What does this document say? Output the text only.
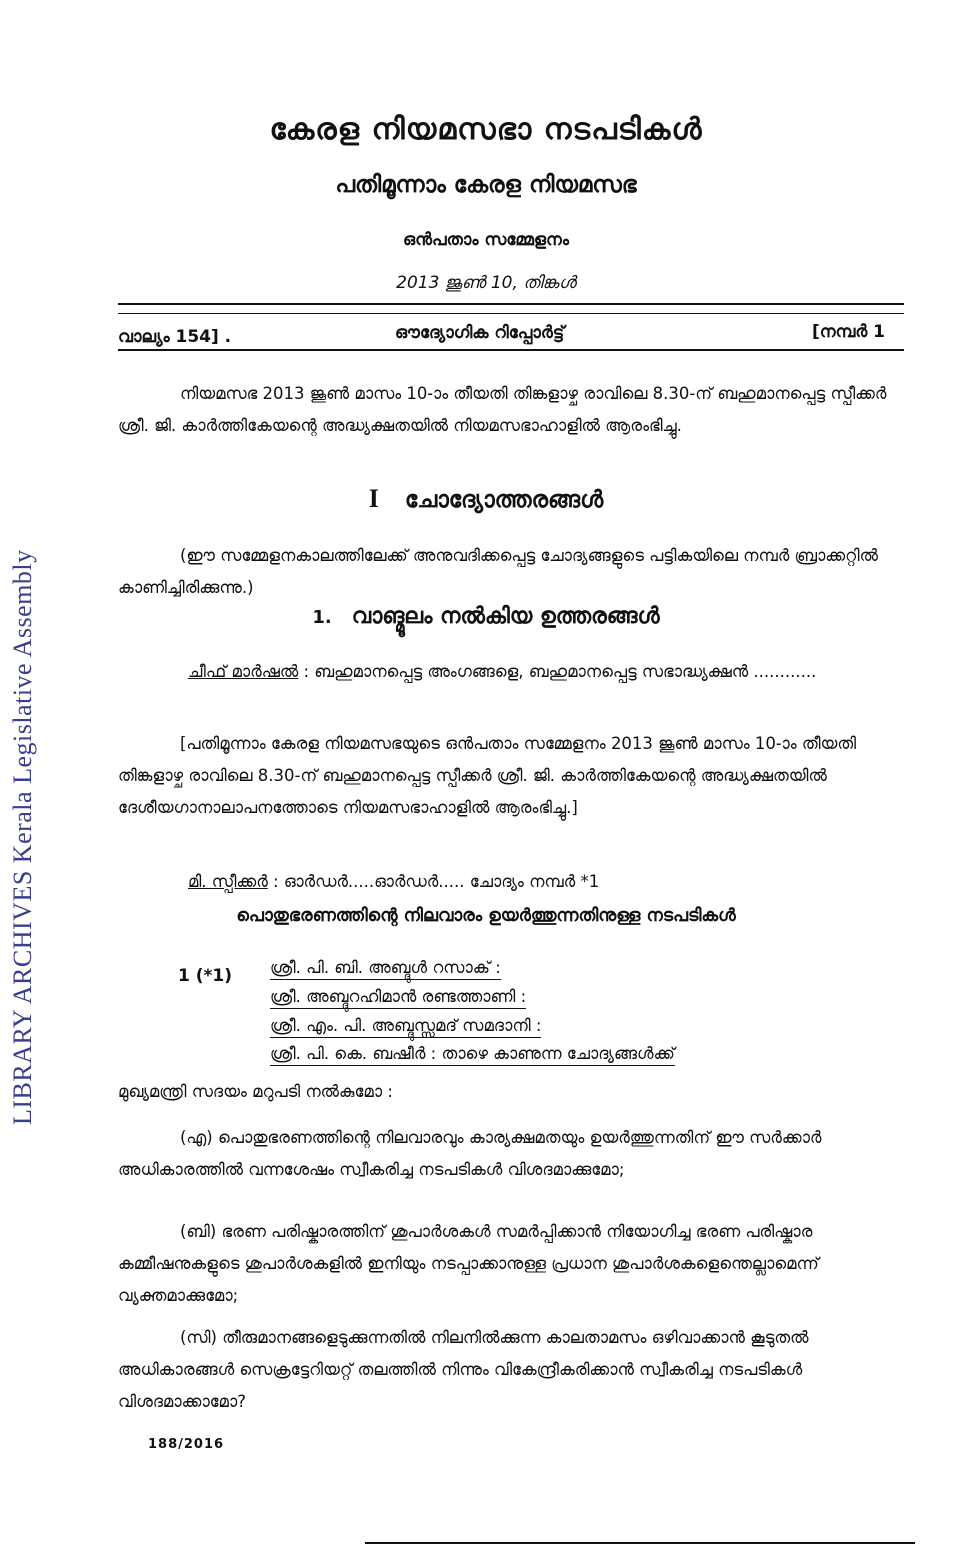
LIBRARY ARCHIVES Kerala Legislative Assembly
കേരള നിയമസഭാ നടപടികൾ
പതിമൂന്നാം കേരള നിയമസഭ
ഒൻപതാം സമ്മേളനം
2013 ജൂൺ 10, തിങ്കൾ
വാല്യം 154] .	ഔദ്യോഗിക റിപ്പോർട്ട്	[നമ്പർ 1
നിയമസഭ 2013 ജൂൺ മാസം 10-ാം തീയതി തിങ്കളാഴ്ച രാവിലെ 8.30-ന് ബഹുമാനപ്പെട്ട സ്പീക്കർ ശ്രീ. ജി. കാർത്തികേയന്റെ അദ്ധ്യക്ഷതയിൽ നിയമസഭാഹാളിൽ ആരംഭിച്ചു.
I ചോദ്യോത്തരങ്ങൾ
(ഈ സമ്മേളനകാലത്തിലേക്ക് അനുവദിക്കപ്പെട്ട ചോദ്യങ്ങളുടെ പട്ടികയിലെ നമ്പർ ബ്രാക്കറ്റിൽ കാണിച്ചിരിക്കുന്നു.)
1. വാങ്മൂലം നൽകിയ ഉത്തരങ്ങൾ
ചീഫ് മാർഷൽ : ബഹുമാനപ്പെട്ട അംഗങ്ങളെ, ബഹുമാനപ്പെട്ട സഭാദ്ധ്യക്ഷൻ ............
[പതിമൂന്നാം കേരള നിയമസഭയുടെ ഒൻപതാം സമ്മേളനം 2013 ജൂൺ മാസം 10-ാം തീയതി തിങ്കളാഴ്ച രാവിലെ 8.30-ന് ബഹുമാനപ്പെട്ട സ്പീക്കർ ശ്രീ. ജി. കാർത്തികേയന്റെ അദ്ധ്യക്ഷതയിൽ ദേശീയഗാനാലാപനത്തോടെ നിയമസഭാഹാളിൽ ആരംഭിച്ചു.]
മി. സ്പീക്കർ : ഓർഡർ.....ഓർഡർ..... ചോദ്യം നമ്പർ *1
പൊതുഭരണത്തിന്റെ നിലവാരം ഉയർത്തുന്നതിനുള്ള നടപടികൾ
1 (*1) ശ്രീ. പി. ബി. അബ്ദുൾ റസാക് :
ശ്രീ. അബ്ദുറഹിമാൻ രണ്ടത്താണി :
ശ്രീ. എം. പി. അബ്ദുസ്സമദ് സമദാനി :
ശ്രീ. പി. കെ. ബഷീർ : താഴെ കാണുന്ന ചോദ്യങ്ങൾക്ക്
മുഖ്യമന്ത്രി സദയം മറുപടി നൽകുമോ :
(എ) പൊതുഭരണത്തിന്റെ നിലവാരവും കാര്യക്ഷമതയും ഉയർത്തുന്നതിന് ഈ സർക്കാർ അധികാരത്തിൽ വന്നശേഷം സ്വീകരിച്ച നടപടികൾ വിശദമാക്കുമോ;
(ബി) ഭരണ പരിഷ്കാരത്തിന് ശുപാർശകൾ സമർപ്പിക്കാൻ നിയോഗിച്ച ഭരണ പരിഷ്കാര കമ്മീഷനുകളുടെ ശുപാർശകളിൽ ഇനിയും നടപ്പാക്കാനുള്ള പ്രധാന ശുപാർശകളെന്തെല്ലാമെന്ന് വ്യക്തമാക്കുമോ;
(സി) തീരുമാനങ്ങളെടുക്കുന്നതിൽ നിലനിൽക്കുന്ന കാലതാമസം ഒഴിവാക്കാൻ കൂടുതൽ അധികാരങ്ങൾ സെക്രട്ടേറിയറ്റ് തലത്തിൽ നിന്നും വികേന്ദ്രീകരിക്കാൻ സ്വീകരിച്ച നടപടികൾ വിശദമാക്കാമോ?
188/2016
